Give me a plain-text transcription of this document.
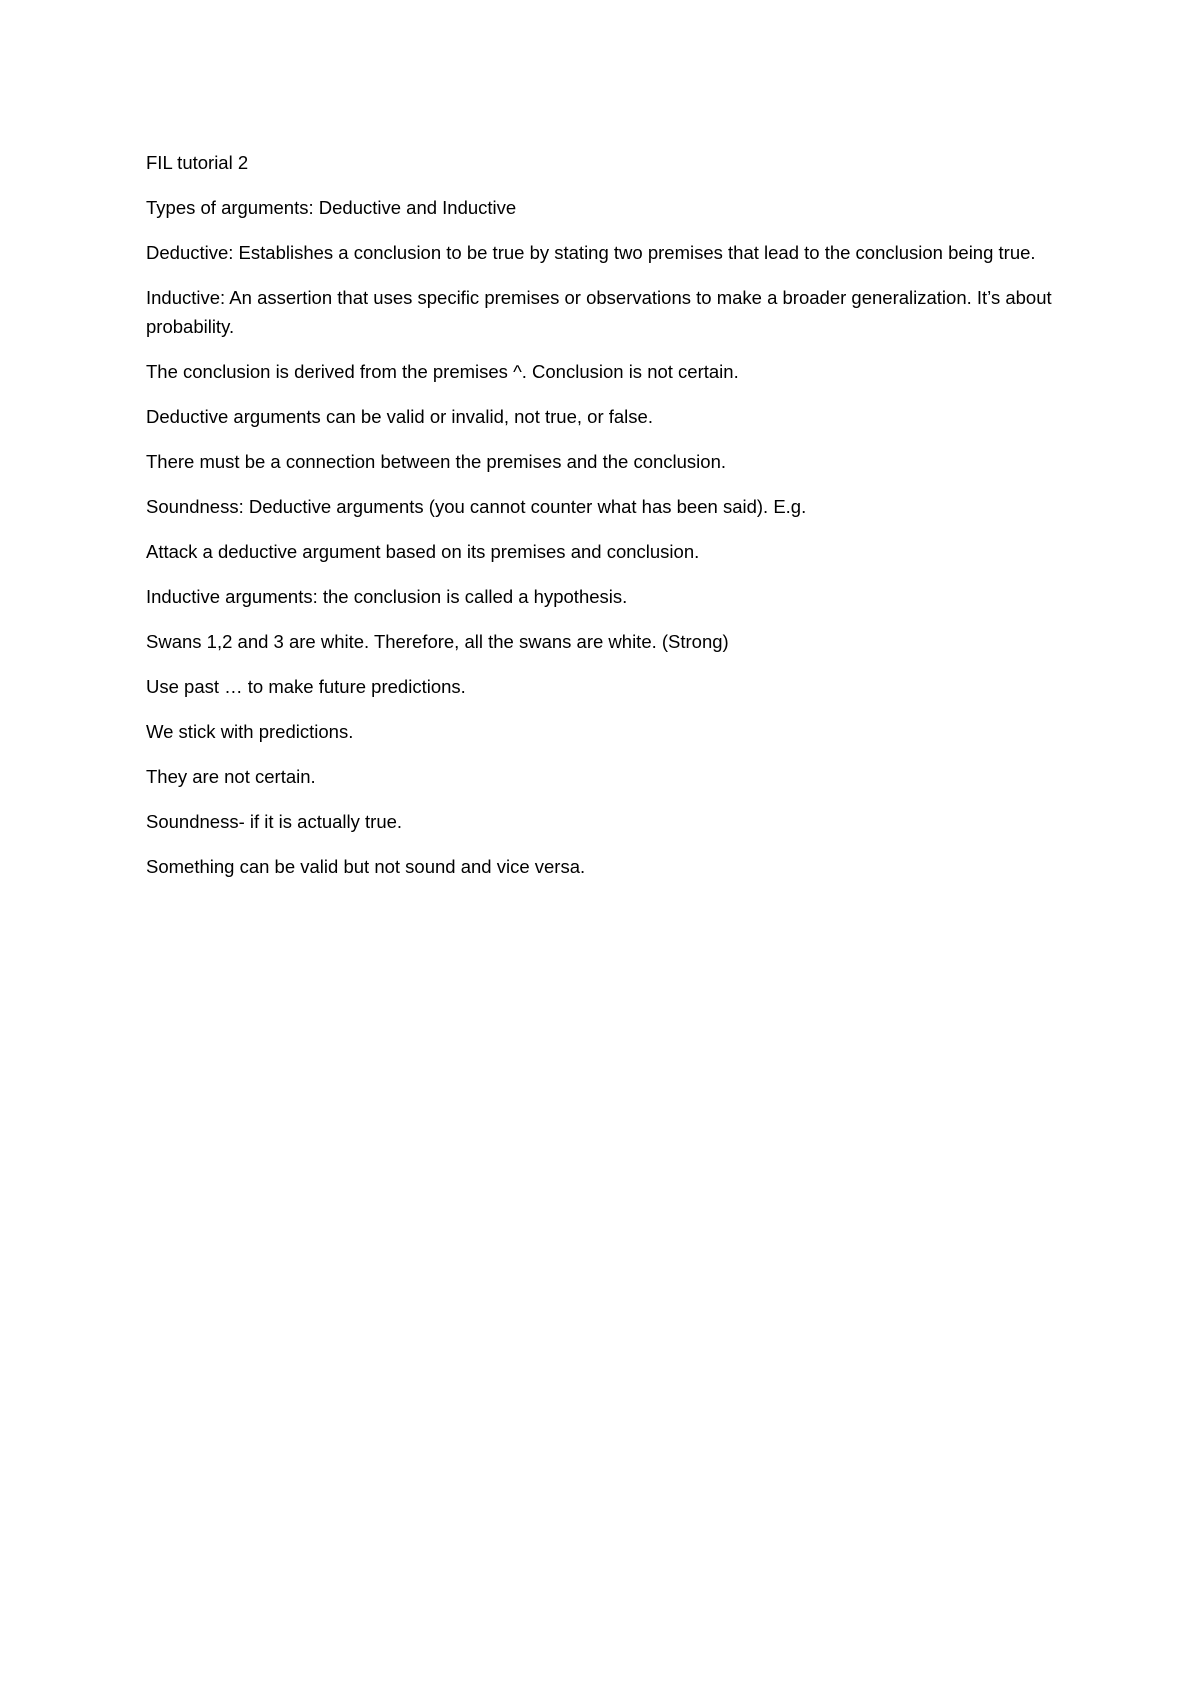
FIL tutorial 2

Types of arguments: Deductive and Inductive

Deductive: Establishes a conclusion to be true by stating two premises that lead to the conclusion being true.

Inductive: An assertion that uses specific premises or observations to make a broader generalization. It’s about probability.

The conclusion is derived from the premises ^. Conclusion is not certain.

Deductive arguments can be valid or invalid, not true, or false.

There must be a connection between the premises and the conclusion.

Soundness: Deductive arguments (you cannot counter what has been said). E.g.

Attack a deductive argument based on its premises and conclusion.

Inductive arguments: the conclusion is called a hypothesis.

Swans 1,2 and 3 are white. Therefore, all the swans are white. (Strong)

Use past … to make future predictions.

We stick with predictions.

They are not certain.

Soundness- if it is actually true.

Something can be valid but not sound and vice versa.
